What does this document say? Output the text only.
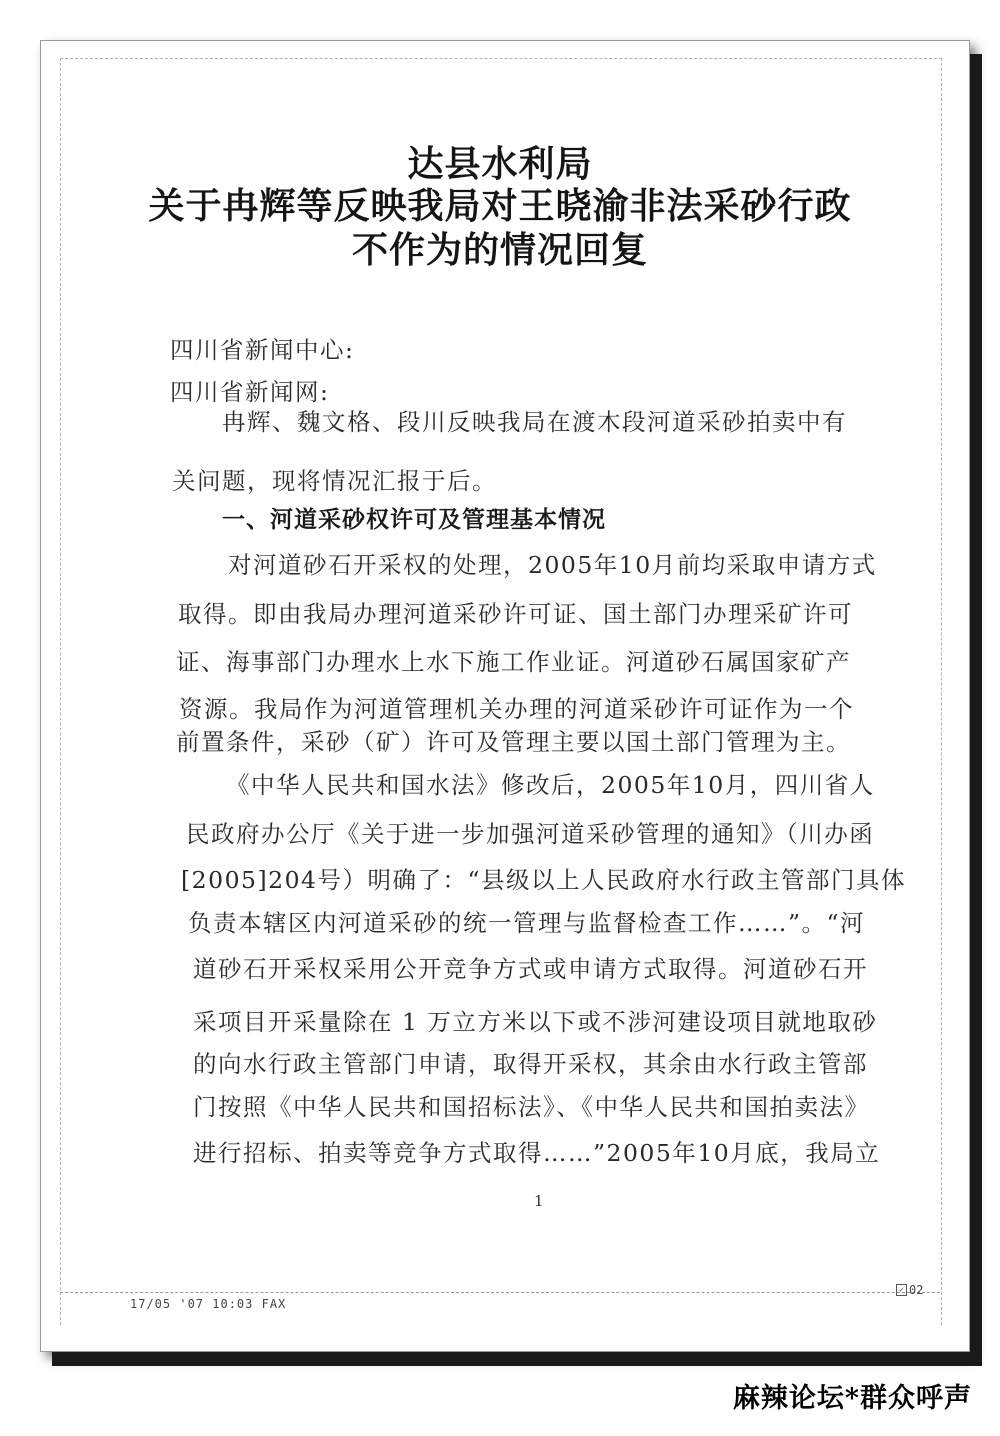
达县水利局
关于冉辉等反映我局对王晓渝非法采砂行政
不作为的情况回复
四川省新闻中心:
四川省新闻网:
冉辉、魏文格、段川反映我局在渡木段河道采砂拍卖中有
关问题，现将情况汇报于后。
一、河道采砂权许可及管理基本情况
对河道砂石开采权的处理，2005年10月前均采取申请方式
取得。即由我局办理河道采砂许可证、国土部门办理采矿许可
证、海事部门办理水上水下施工作业证。河道砂石属国家矿产
资源。我局作为河道管理机关办理的河道采砂许可证作为一个
前置条件，采砂（矿）许可及管理主要以国土部门管理为主。
《中华人民共和国水法》修改后，2005年10月，四川省人
民政府办公厅《关于进一步加强河道采砂管理的通知》（川办函
[2005]204号）明确了：“县级以上人民政府水行政主管部门具体
负责本辖区内河道采砂的统一管理与监督检查工作……”。“河
道砂石开采权采用公开竞争方式或申请方式取得。河道砂石开
采项目开采量除在 1 万立方米以下或不涉河建设项目就地取砂
的向水行政主管部门申请，取得开采权，其余由水行政主管部
门按照《中华人民共和国招标法》、《中华人民共和国拍卖法》
进行招标、拍卖等竞争方式取得……”2005年10月底，我局立
1
17/05 '07 10:03 FAX
✓ 02
麻辣论坛*群众呼声
